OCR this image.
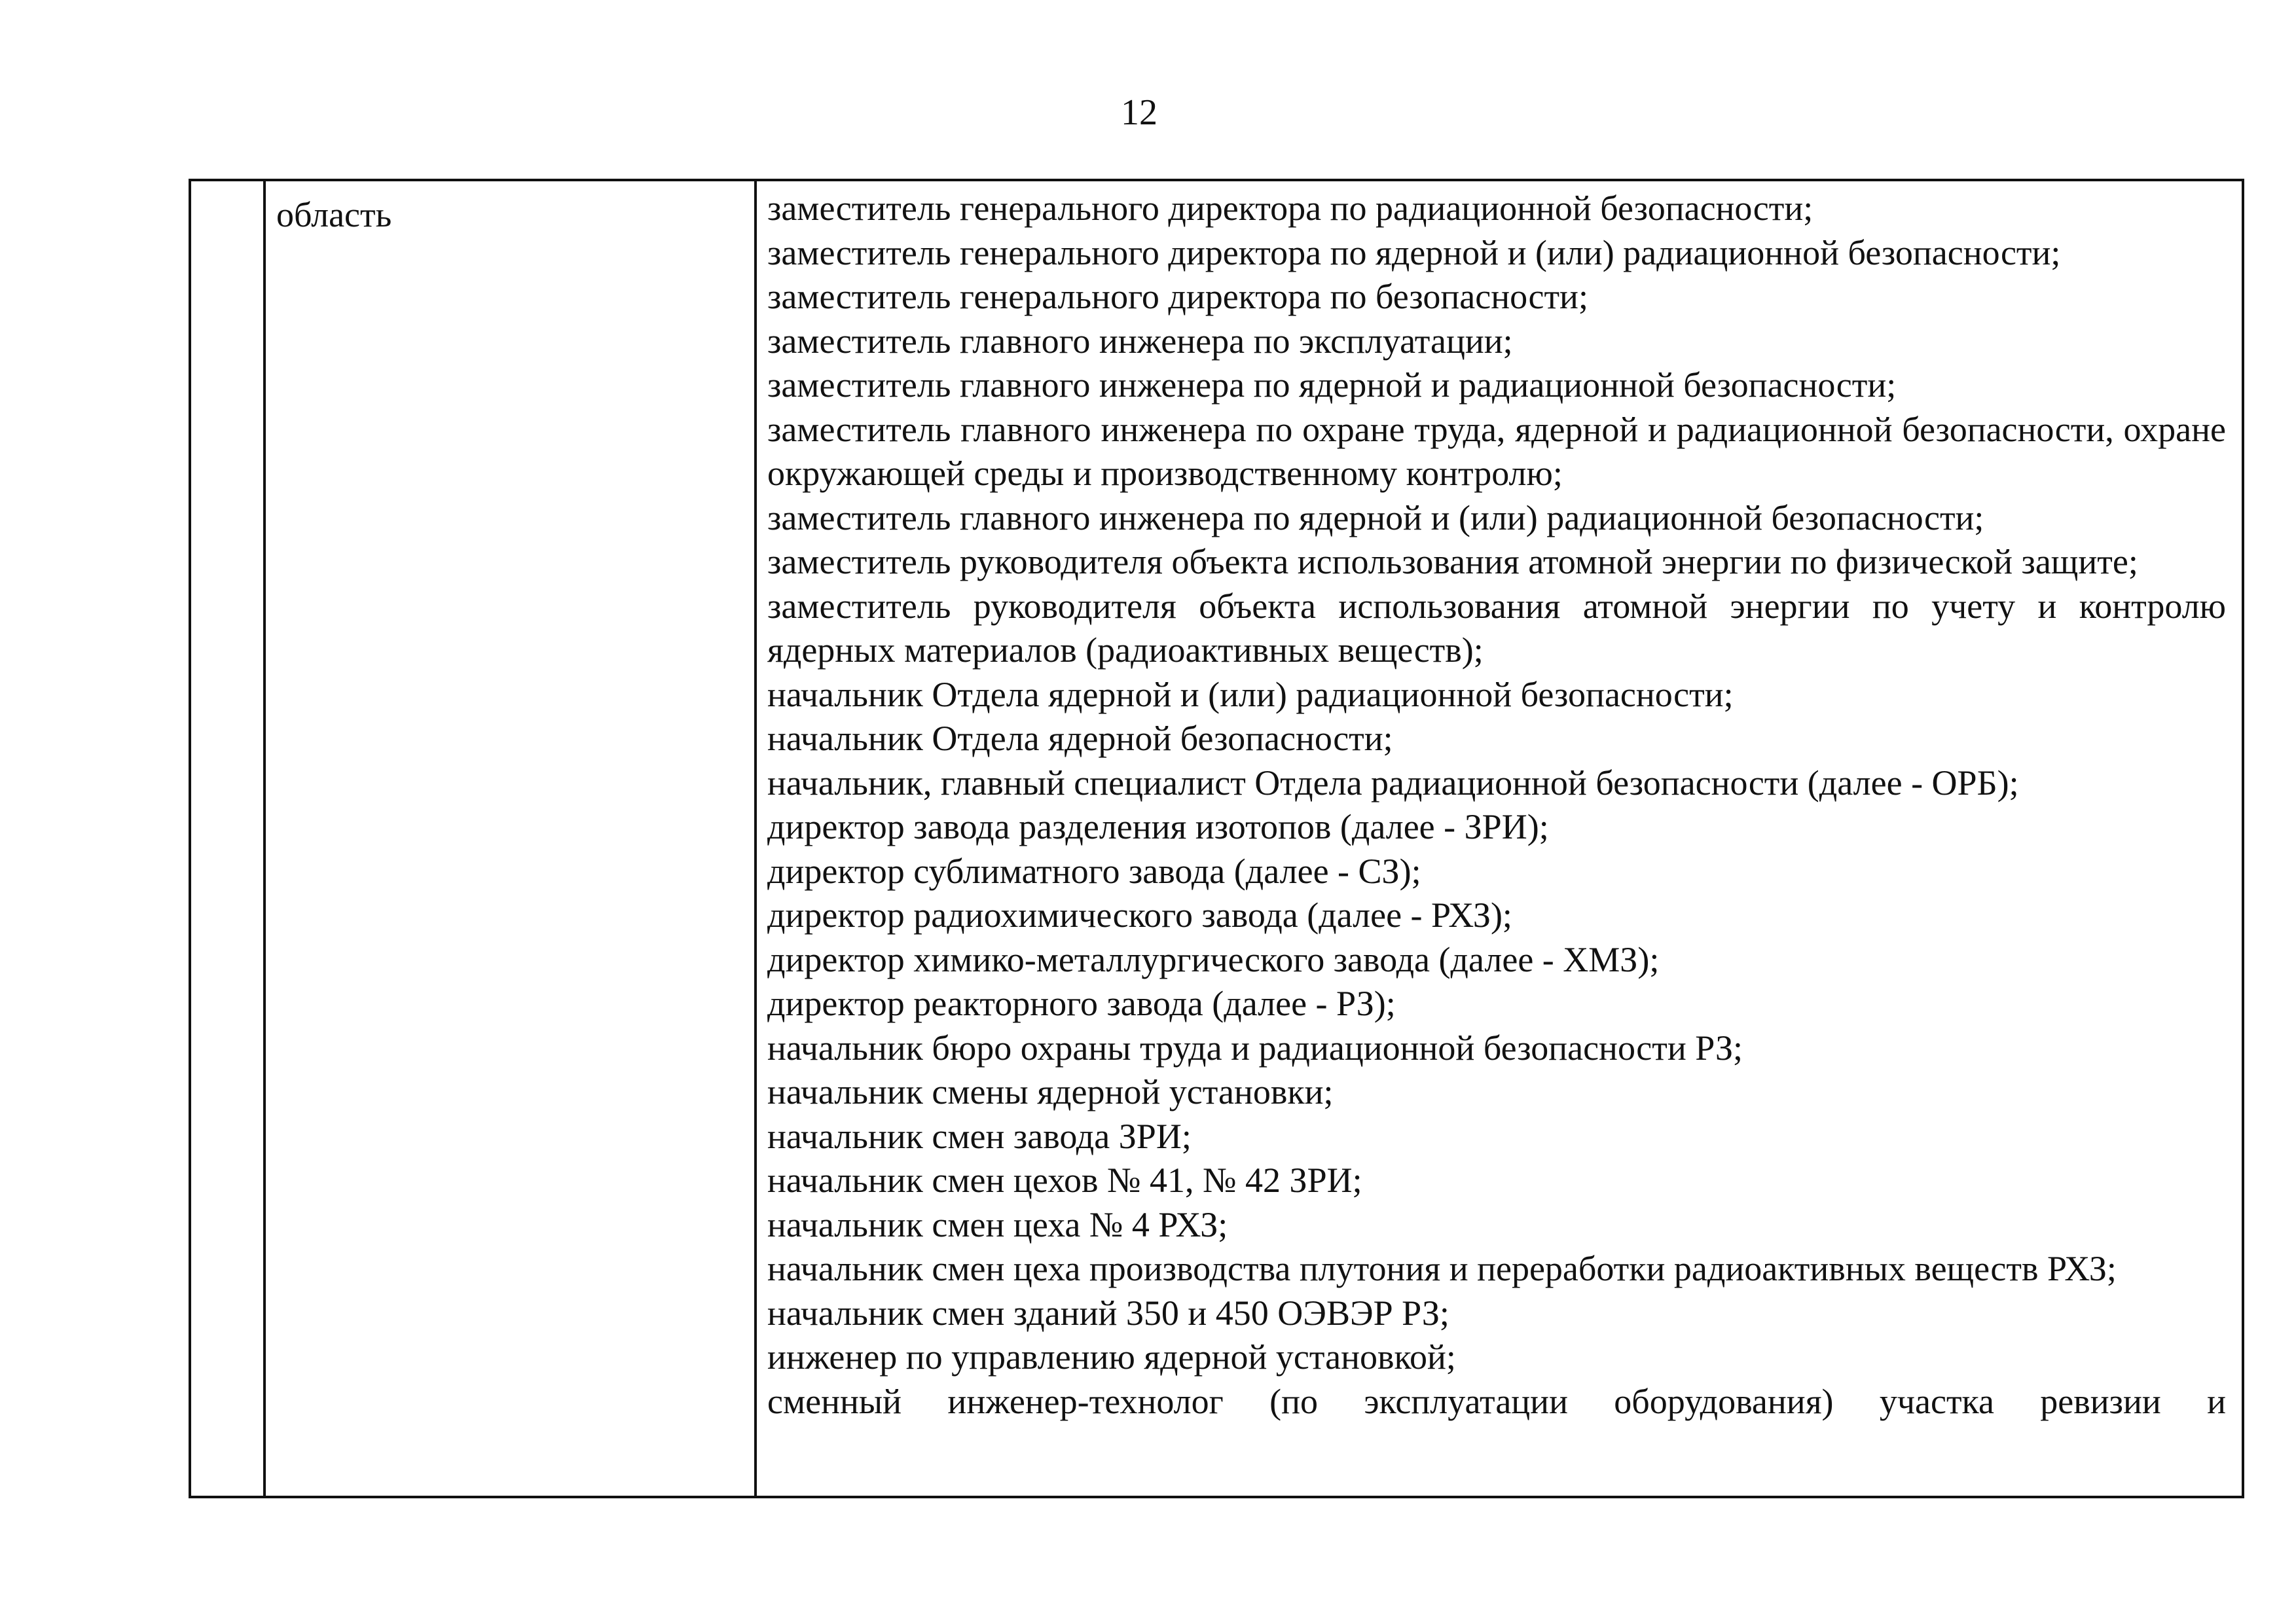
12
область	заместитель генерального директора по радиационной безопасности;
заместитель генерального директора по ядерной и (или) радиационной безопасности;
заместитель генерального директора по безопасности;
заместитель главного инженера по эксплуатации;
заместитель главного инженера по ядерной и радиационной безопасности;
заместитель главного инженера по охране труда, ядерной и радиационной безопасности, охране окружающей среды и производственному контролю;
заместитель главного инженера по ядерной и (или) радиационной безопасности;
заместитель руководителя объекта использования атомной энергии по физической защите;
заместитель руководителя объекта использования атомной энергии по учету и контролю ядерных материалов (радиоактивных веществ);
начальник Отдела ядерной и (или) радиационной безопасности;
начальник Отдела ядерной безопасности;
начальник, главный специалист Отдела радиационной безопасности (далее - ОРБ);
директор завода разделения изотопов (далее - ЗРИ);
директор сублиматного завода (далее - СЗ);
директор радиохимического завода (далее - РХЗ);
директор химико-металлургического завода (далее - ХМЗ);
директор реакторного завода (далее - РЗ);
начальник бюро охраны труда и радиационной безопасности РЗ;
начальник смены ядерной установки;
начальник смен завода ЗРИ;
начальник смен цехов № 41, № 42 ЗРИ;
начальник смен цеха № 4 РХЗ;
начальник смен цеха производства плутония и переработки радиоактивных веществ РХЗ;
начальник смен зданий 350 и 450 ОЭВЭР РЗ;
инженер по управлению ядерной установкой;
сменный инженер-технолог (по эксплуатации оборудования) участка ревизии и
